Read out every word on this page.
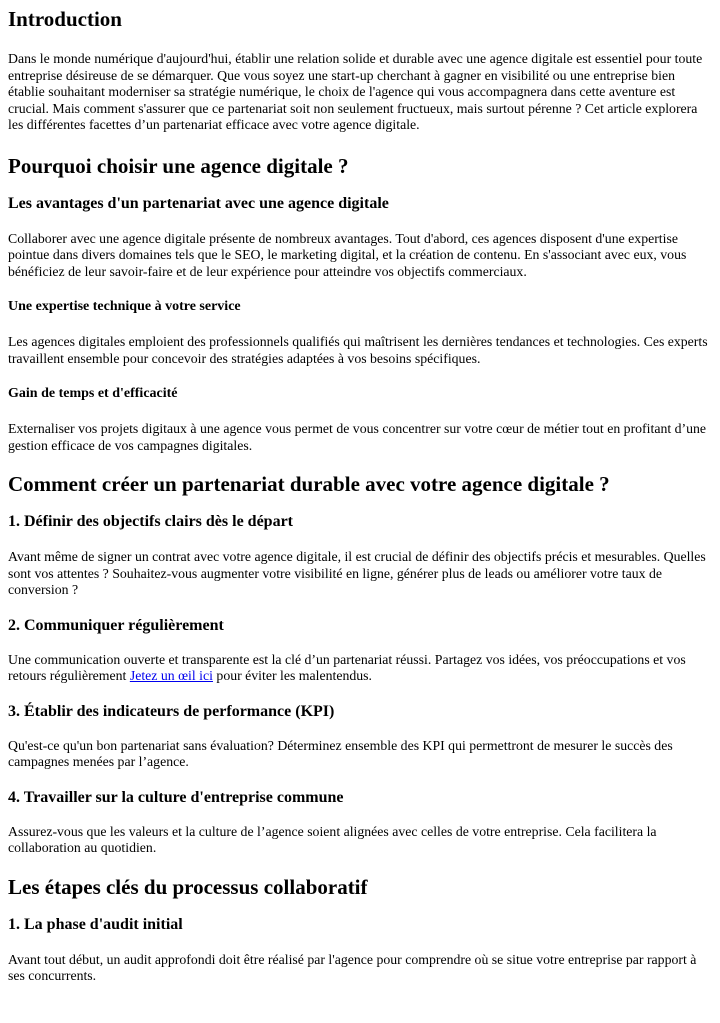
Introduction

Dans le monde numérique d'aujourd'hui, établir une relation solide et durable avec une agence digitale est essentiel pour toute entreprise désireuse de se démarquer. Que vous soyez une start-up cherchant à gagner en visibilité ou une entreprise bien établie souhaitant moderniser sa stratégie numérique, le choix de l'agence qui vous accompagnera dans cette aventure est crucial. Mais comment s'assurer que ce partenariat soit non seulement fructueux, mais surtout pérenne ? Cet article explorera les différentes facettes d’un partenariat efficace avec votre agence digitale.

Pourquoi choisir une agence digitale ?
Les avantages d'un partenariat avec une agence digitale

Collaborer avec une agence digitale présente de nombreux avantages. Tout d'abord, ces agences disposent d'une expertise pointue dans divers domaines tels que le SEO, le marketing digital, et la création de contenu. En s'associant avec eux, vous bénéficiez de leur savoir-faire et de leur expérience pour atteindre vos objectifs commerciaux.

Une expertise technique à votre service

Les agences digitales emploient des professionnels qualifiés qui maîtrisent les dernières tendances et technologies. Ces experts travaillent ensemble pour concevoir des stratégies adaptées à vos besoins spécifiques.

Gain de temps et d'efficacité

Externaliser vos projets digitaux à une agence vous permet de vous concentrer sur votre cœur de métier tout en profitant d’une gestion efficace de vos campagnes digitales.

Comment créer un partenariat durable avec votre agence digitale ?
1. Définir des objectifs clairs dès le départ

Avant même de signer un contrat avec votre agence digitale, il est crucial de définir des objectifs précis et mesurables. Quelles sont vos attentes ? Souhaitez-vous augmenter votre visibilité en ligne, générer plus de leads ou améliorer votre taux de conversion ?

2. Communiquer régulièrement

Une communication ouverte et transparente est la clé d’un partenariat réussi. Partagez vos idées, vos préoccupations et vos retours régulièrement Jetez un œil ici pour éviter les malentendus.

3. Établir des indicateurs de performance (KPI)

Qu'est-ce qu'un bon partenariat sans évaluation? Déterminez ensemble des KPI qui permettront de mesurer le succès des campagnes menées par l’agence.

4. Travailler sur la culture d'entreprise commune

Assurez-vous que les valeurs et la culture de l’agence soient alignées avec celles de votre entreprise. Cela facilitera la collaboration au quotidien.

Les étapes clés du processus collaboratif
1. La phase d'audit initial

Avant tout début, un audit approfondi doit être réalisé par l'agence pour comprendre où se situe votre entreprise par rapport à ses concurrents.
